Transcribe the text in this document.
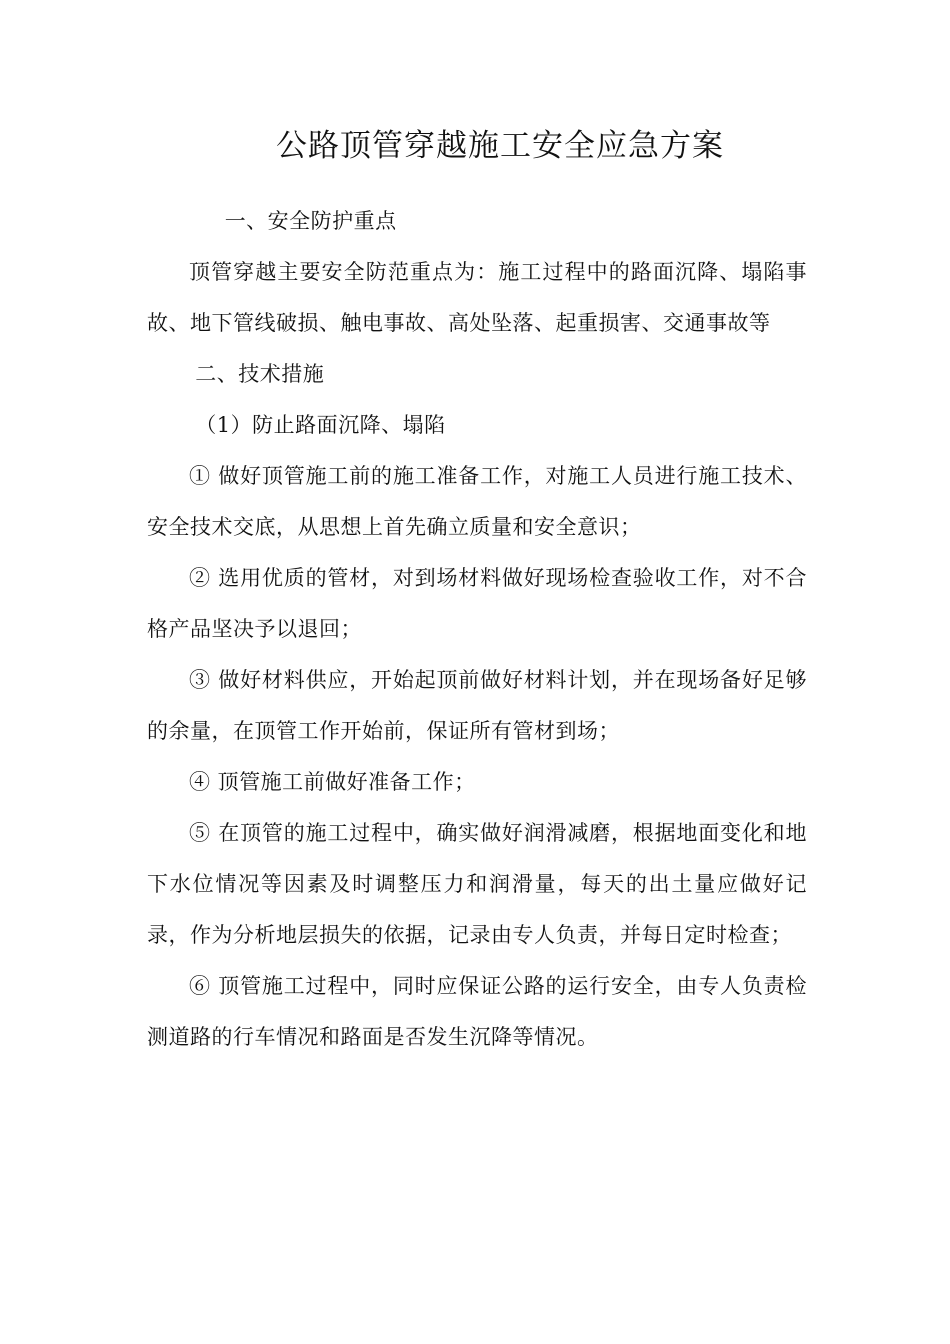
公路顶管穿越施工安全应急方案

一、安全防护重点

顶管穿越主要安全防范重点为：施工过程中的路面沉降、塌陷事故、地下管线破损、触电事故、高处坠落、起重损害、交通事故等

二、技术措施

（1）防止路面沉降、塌陷

① 做好顶管施工前的施工准备工作，对施工人员进行施工技术、安全技术交底，从思想上首先确立质量和安全意识；

② 选用优质的管材，对到场材料做好现场检查验收工作，对不合格产品坚决予以退回；

③ 做好材料供应，开始起顶前做好材料计划，并在现场备好足够的余量，在顶管工作开始前，保证所有管材到场；

④ 顶管施工前做好准备工作；

⑤ 在顶管的施工过程中，确实做好润滑减磨，根据地面变化和地下水位情况等因素及时调整压力和润滑量，每天的出土量应做好记录，作为分析地层损失的依据，记录由专人负责，并每日定时检查；

⑥ 顶管施工过程中，同时应保证公路的运行安全，由专人负责检测道路的行车情况和路面是否发生沉降等情况。
